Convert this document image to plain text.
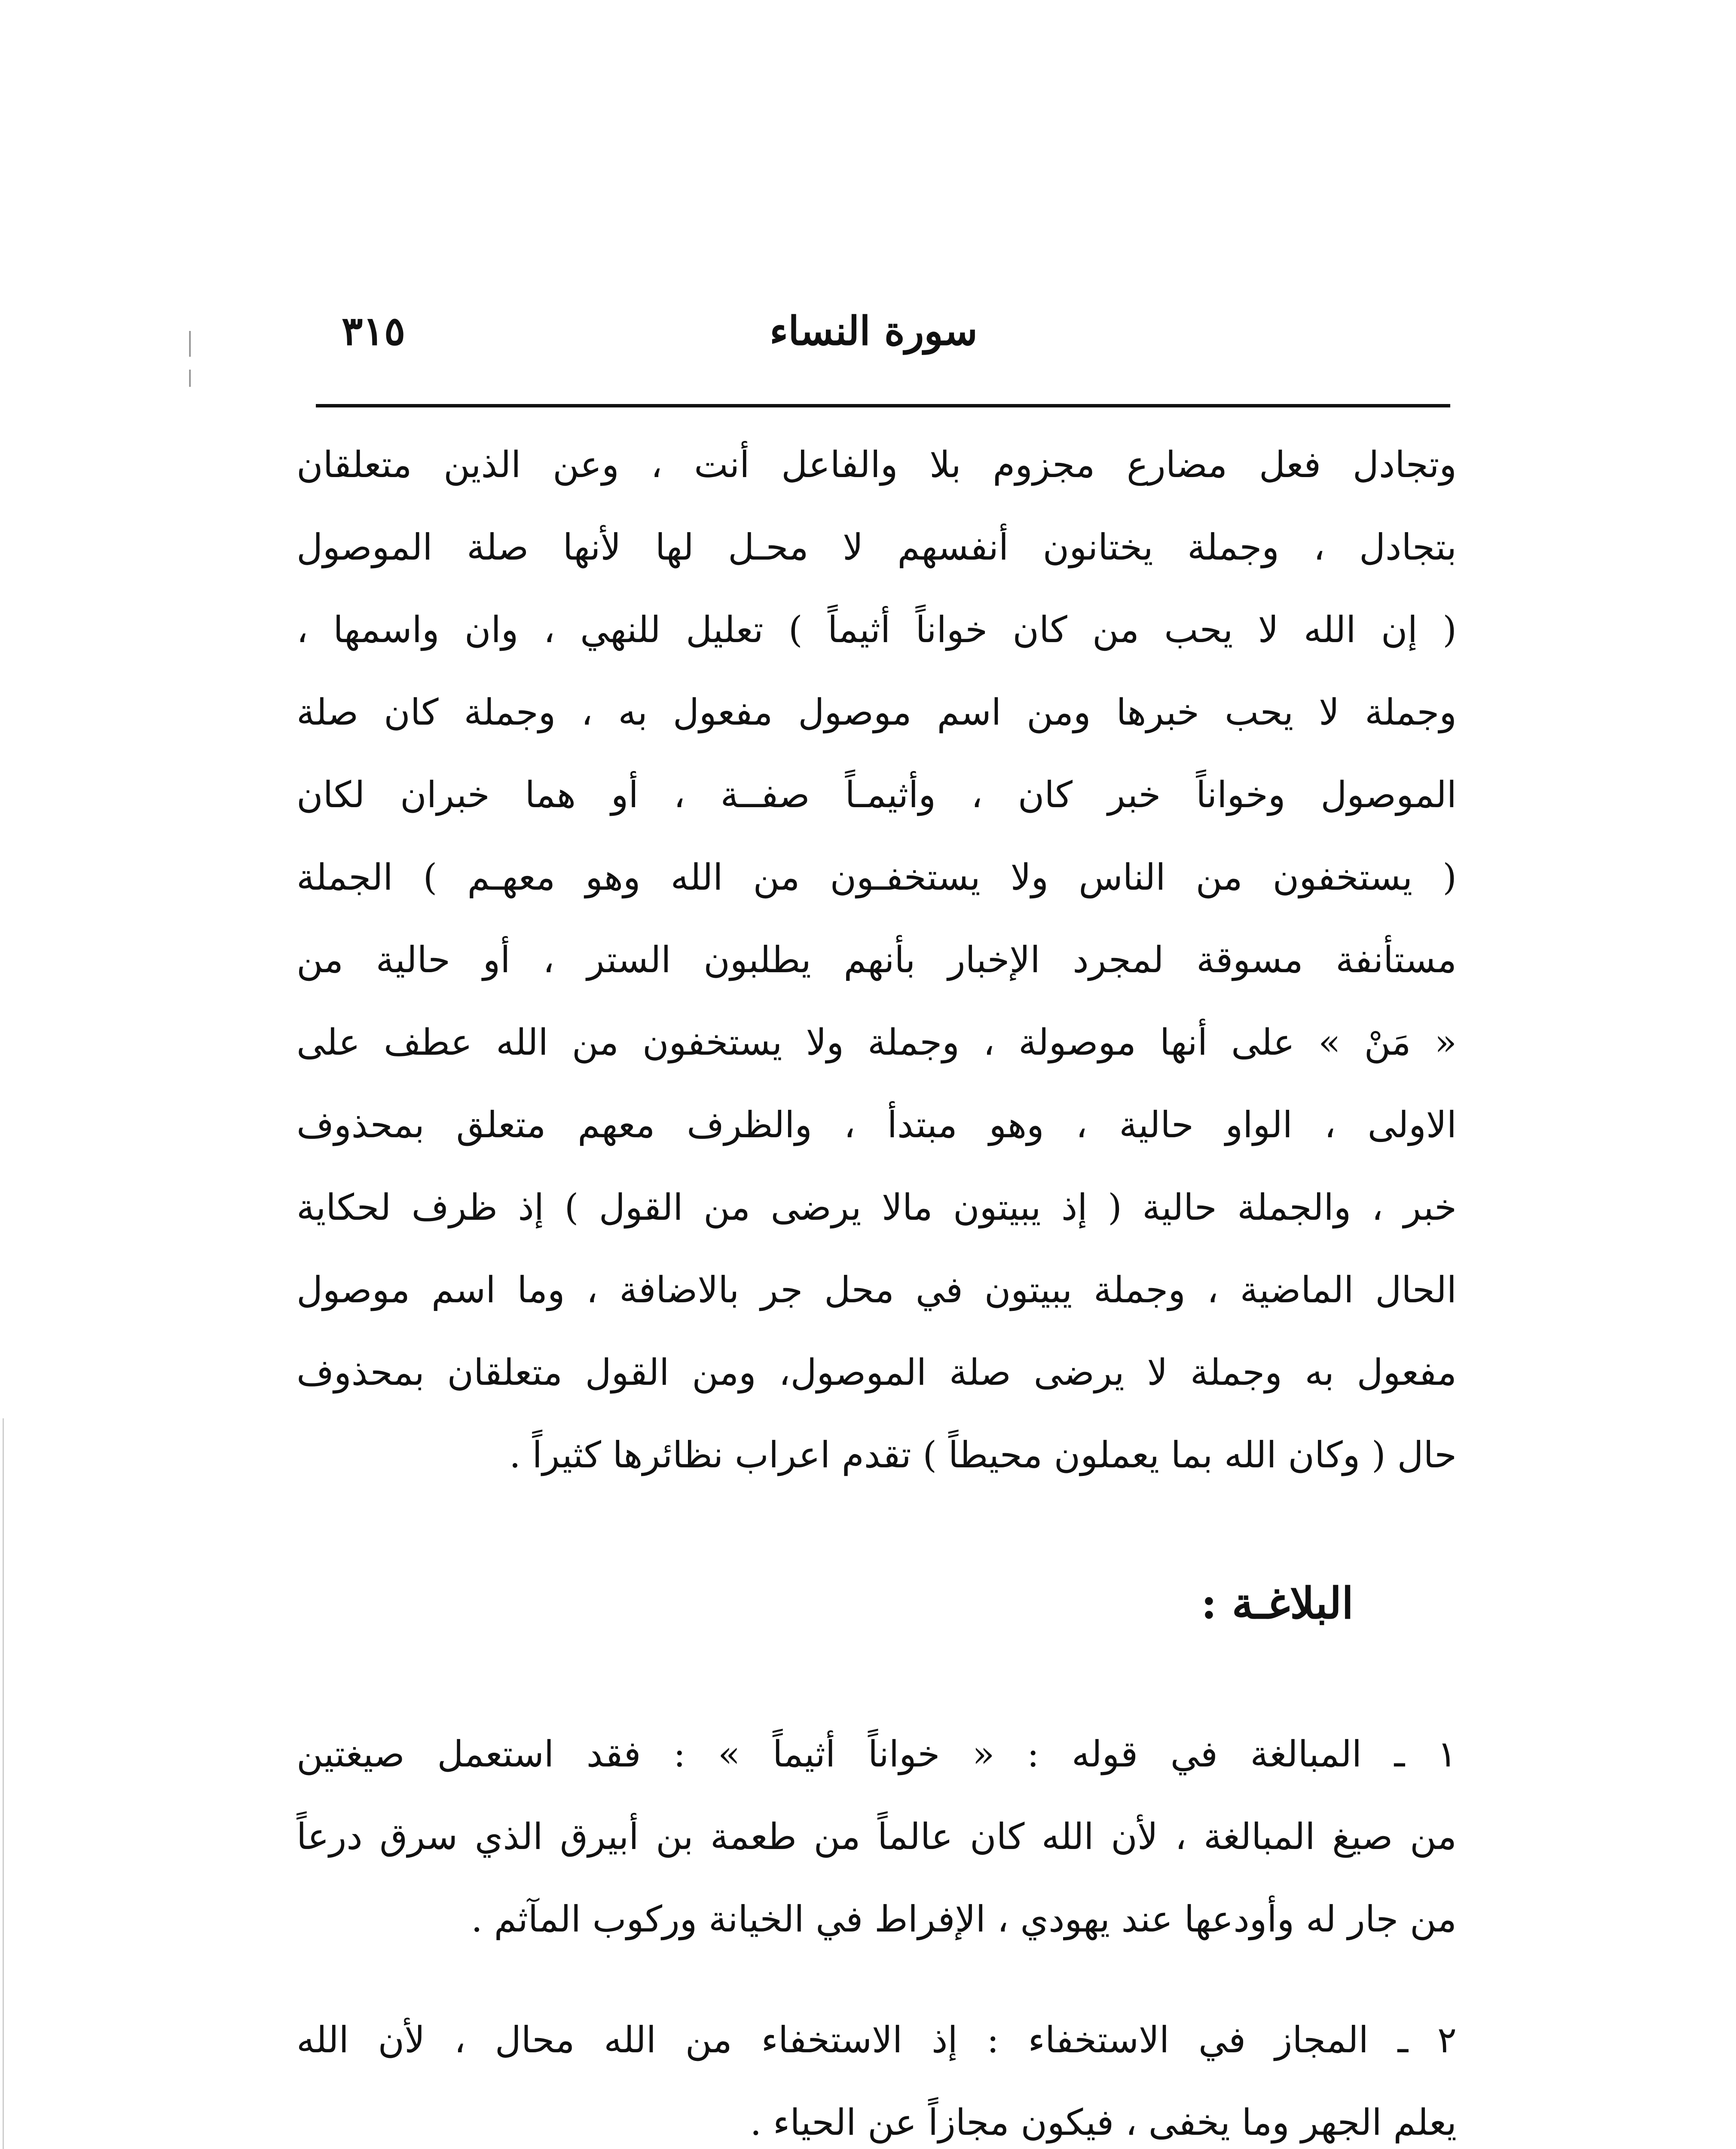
سورة النساء
٣١٥
وتجادل فعل مضارع مجزوم بلا والفاعل أنت ، وعن الذين متعلقان
بتجادل ، وجملة يختانون أنفسهم لا محـل لها لأنها صلة الموصول
( إن الله لا يحب من كان خواناً أثيماً ) تعليل للنهي ، وان واسمها ،
وجملة لا يحب خبرها ومن اسم موصول مفعول به ، وجملة كان صلة
الموصول وخواناً خبر كان ، وأثيمـاً صفــة ، أو هما خبران لكان
( يستخفون من الناس ولا يستخفـون من الله وهو معهـم ) الجملة
مستأنفة مسوقة لمجرد الإخبار بأنهم يطلبون الستر ، أو حالية من
« مَنْ » على أنها موصولة ، وجملة ولا يستخفون من الله عطف على
الاولى ، الواو حالية ، وهو مبتدأ ، والظرف معهم متعلق بمحذوف
خبر ، والجملة حالية ( إذ يبيتون مالا يرضى من القول ) إذ ظرف لحكاية
الحال الماضية ، وجملة يبيتون في محل جر بالاضافة ، وما اسم موصول
مفعول به وجملة لا يرضى صلة الموصول، ومن القول متعلقان بمحذوف
حال ( وكان الله بما يعملون محيطاً ) تقدم اعراب نظائرها كثيراً .
البلاغـة :
١ ـ المبالغة في قوله : « خواناً أثيماً » : فقد استعمل صيغتين
من صيغ المبالغة ، لأن الله كان عالماً من طعمة بن أبيرق الذي سرق درعاً
من جار له وأودعها عند يهودي ، الإفراط في الخيانة وركوب المآثم .
٢ ـ المجاز في الاستخفاء : إذ الاستخفاء من الله محال ، لأن الله
يعلم الجهر وما يخفى ، فيكون مجازاً عن الحياء .
